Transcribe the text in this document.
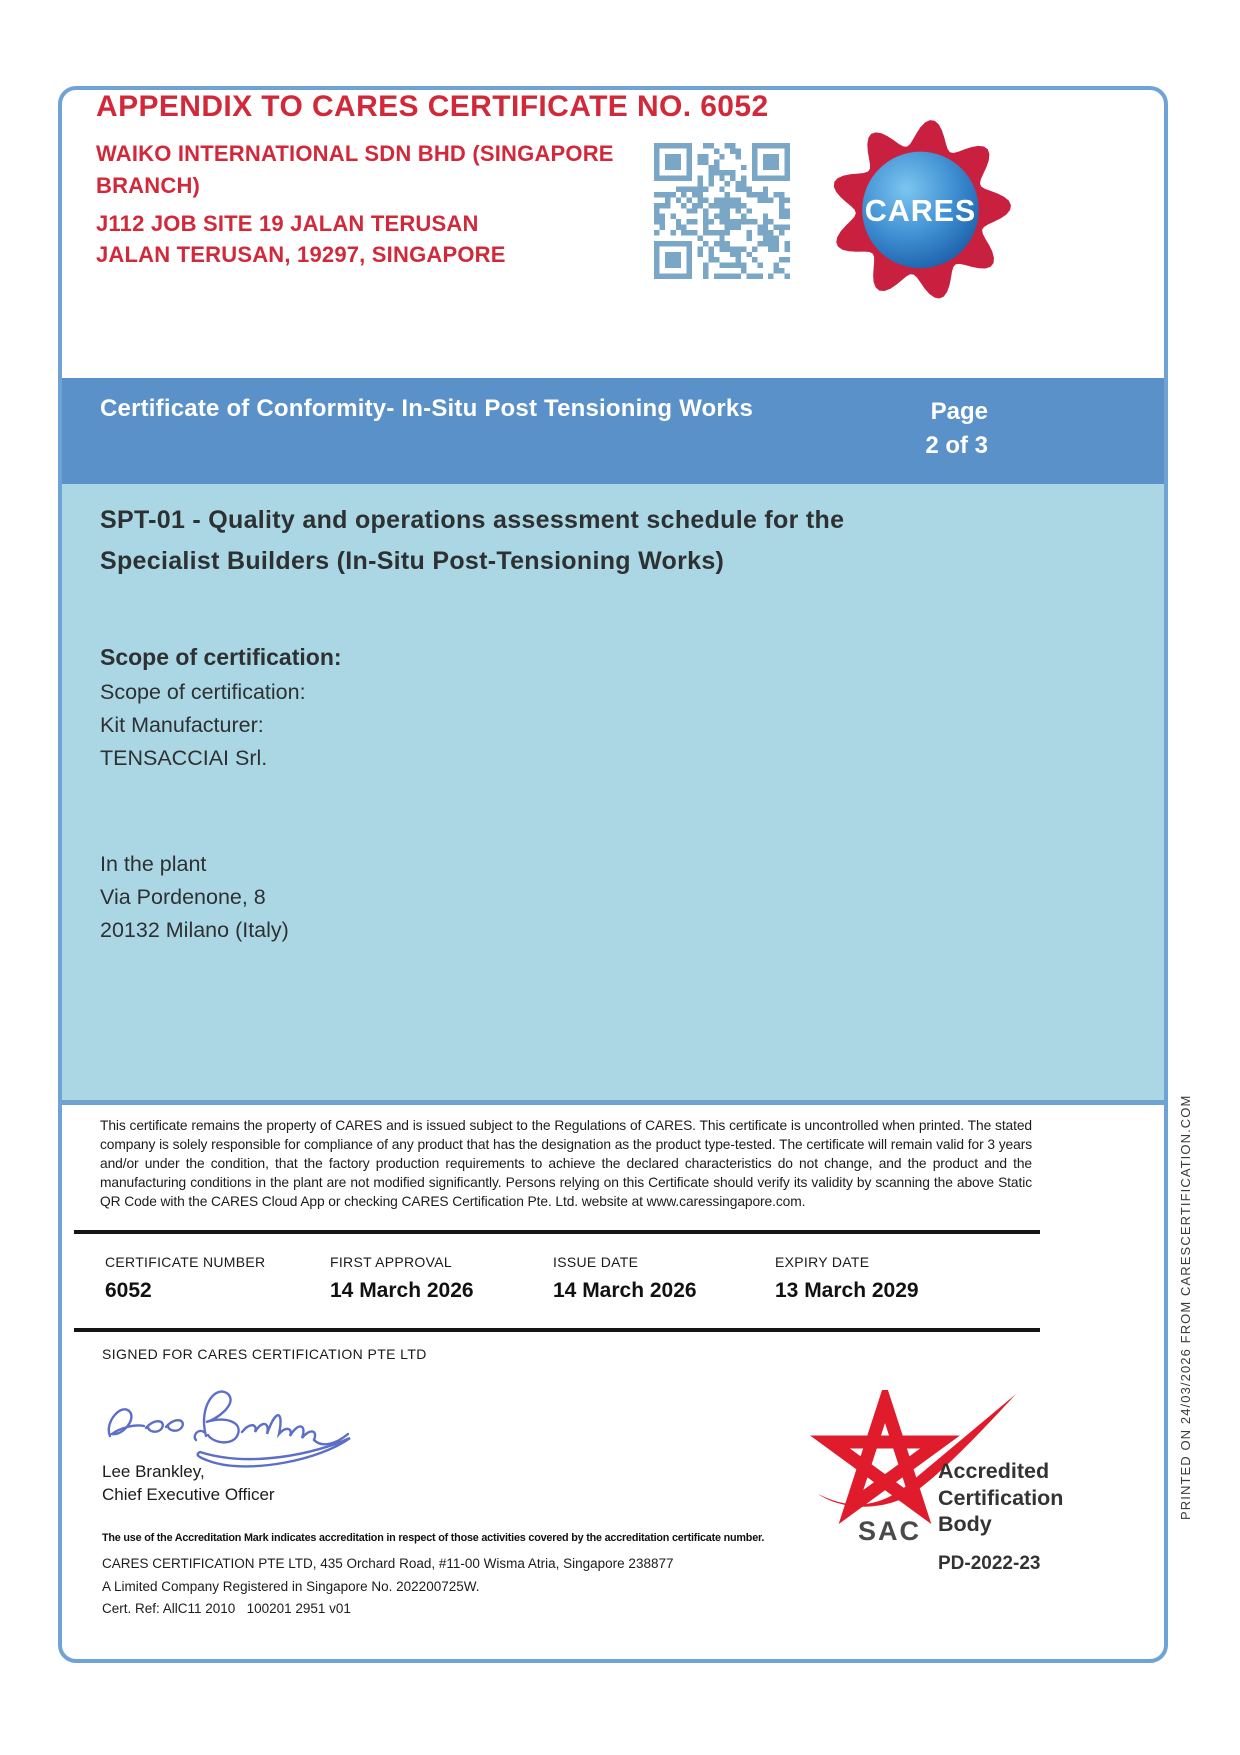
APPENDIX TO CARES CERTIFICATE NO. 6052
WAIKO INTERNATIONAL SDN BHD (SINGAPORE
BRANCH)
J112 JOB SITE 19 JALAN TERUSAN
JALAN TERUSAN, 19297, SINGAPORE
CARES
Certificate of Conformity- In-Situ Post Tensioning Works	Page
2 of 3
SPT-01 - Quality and operations assessment schedule for the
Specialist Builders (In-Situ Post-Tensioning Works)
Scope of certification:
Scope of certification:
Kit Manufacturer:
TENSACCIAI Srl.
In the plant
Via Pordenone, 8
20132 Milano (Italy)
This certificate remains the property of CARES and is issued subject to the Regulations of CARES. This certificate is uncontrolled when printed. The stated company is solely responsible for compliance of any product that has the designation as the product type-tested. The certificate will remain valid for 3 years and/or under the condition, that the factory production requirements to achieve the declared characteristics do not change, and the product and the manufacturing conditions in the plant are not modified significantly. Persons relying on this Certificate should verify its validity by scanning the above Static QR Code with the CARES Cloud App or checking CARES Certification Pte. Ltd. website at www.caressingapore.com.
CERTIFICATE NUMBER
6052
FIRST APPROVAL
14 March 2026
ISSUE DATE
14 March 2026
EXPIRY DATE
13 March 2029
SIGNED FOR CARES CERTIFICATION PTE LTD
Lee Brankley,
Chief Executive Officer
The use of the Accreditation Mark indicates accreditation in respect of those activities covered by the accreditation certificate number.
CARES CERTIFICATION PTE LTD, 435 Orchard Road, #11-00 Wisma Atria, Singapore 238877
A Limited Company Registered in Singapore No. 202200725W.
Cert. Ref: AllC11 2010   100201 2951 v01
SAC
Accredited
Certification
Body
PD-2022-23
PRINTED ON 24/03/2026 FROM CARESCERTIFICATION.COM
